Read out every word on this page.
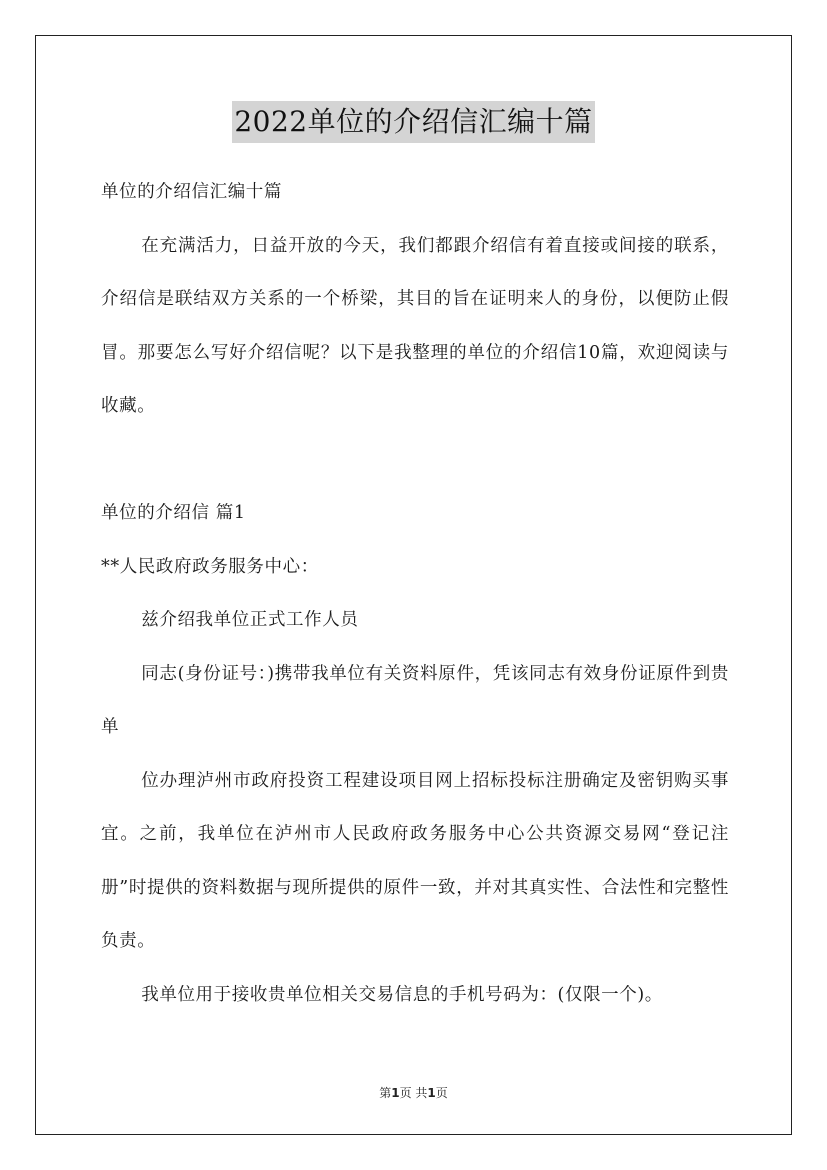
2022单位的介绍信汇编十篇

单位的介绍信汇编十篇

在充满活力，日益开放的今天，我们都跟介绍信有着直接或间接的联系，介绍信是联结双方关系的一个桥梁，其目的旨在证明来人的身份，以便防止假冒。那要怎么写好介绍信呢？以下是我整理的单位的介绍信10篇，欢迎阅读与收藏。

单位的介绍信 篇1

**人民政府政务服务中心：

兹介绍我单位正式工作人员

同志(身份证号：)携带我单位有关资料原件，凭该同志有效身份证原件到贵单

位办理泸州市政府投资工程建设项目网上招标投标注册确定及密钥购买事宜。之前，我单位在泸州市人民政府政务服务中心公共资源交易网“登记注册”时提供的资料数据与现所提供的原件一致，并对其真实性、合法性和完整性负责。

我单位用于接收贵单位相关交易信息的手机号码为：(仅限一个)。

第1页 共1页
